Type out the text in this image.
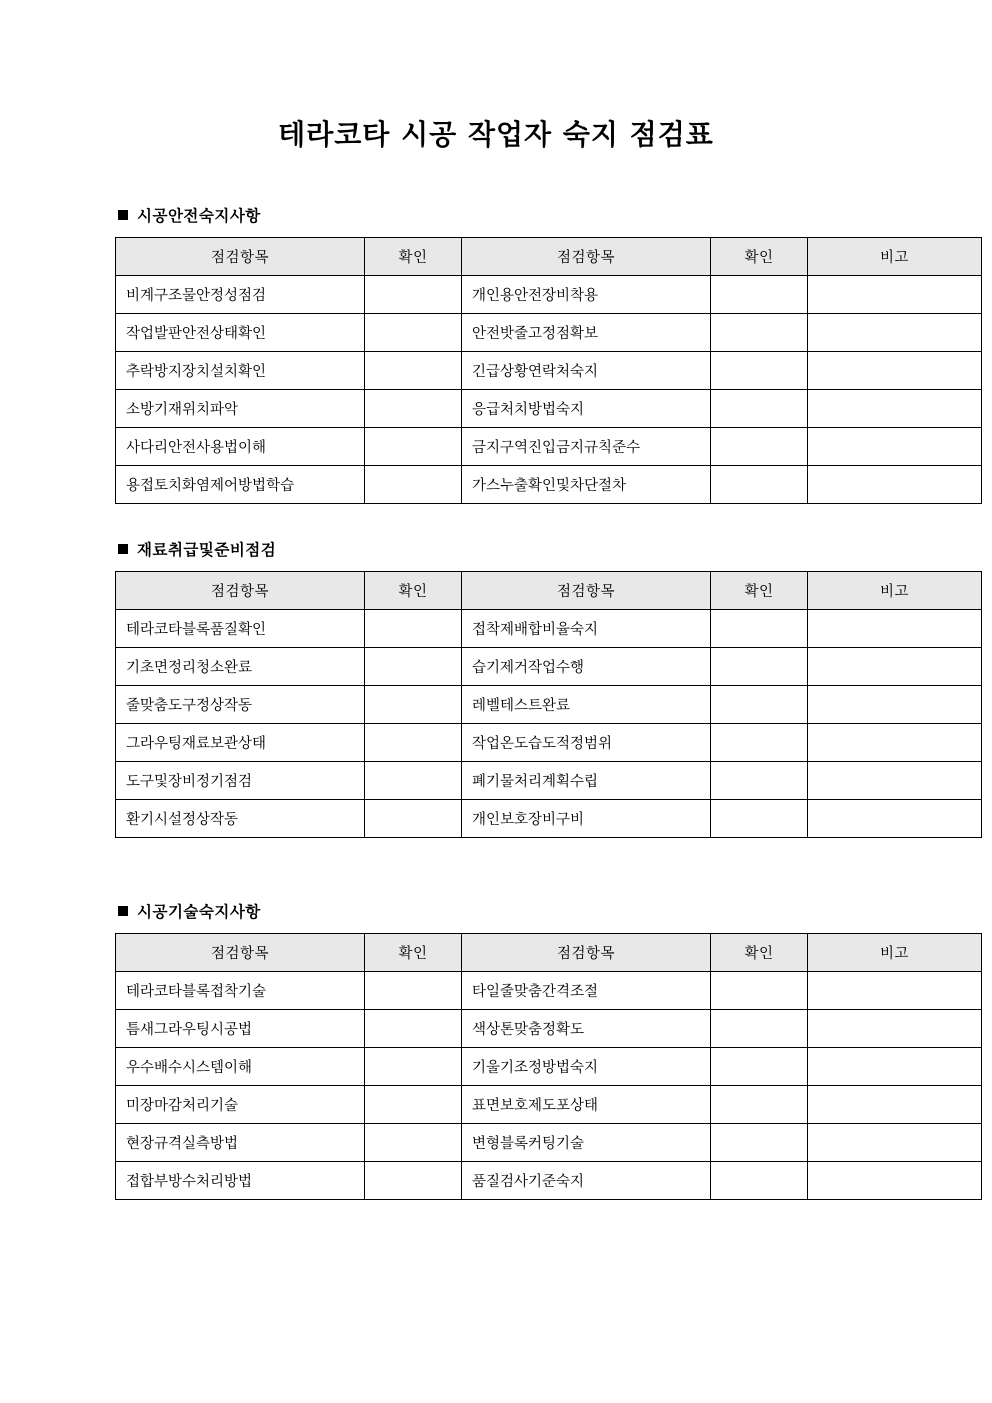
테라코타 시공 작업자 숙지 점검표
시공안전숙지사항
점검항목	확인	점검항목	확인	비고
비계구조물안정성점검		개인용안전장비착용		
작업발판안전상태확인		안전밧줄고정점확보		
추락방지장치설치확인		긴급상황연락처숙지		
소방기재위치파악		응급처치방법숙지		
사다리안전사용법이해		금지구역진입금지규칙준수		
용접토치화염제어방법학습		가스누출확인및차단절차		
재료취급및준비점검
점검항목	확인	점검항목	확인	비고
테라코타블록품질확인		접착제배합비율숙지		
기초면정리청소완료		습기제거작업수행		
줄맞춤도구정상작동		레벨테스트완료		
그라우팅재료보관상태		작업온도습도적정범위		
도구및장비정기점검		폐기물처리계획수립		
환기시설정상작동		개인보호장비구비		
시공기술숙지사항
점검항목	확인	점검항목	확인	비고
테라코타블록접착기술		타일줄맞춤간격조절		
틈새그라우팅시공법		색상톤맞춤정확도		
우수배수시스템이해		기울기조정방법숙지		
미장마감처리기술		표면보호제도포상태		
현장규격실측방법		변형블록커팅기술		
접합부방수처리방법		품질검사기준숙지		
